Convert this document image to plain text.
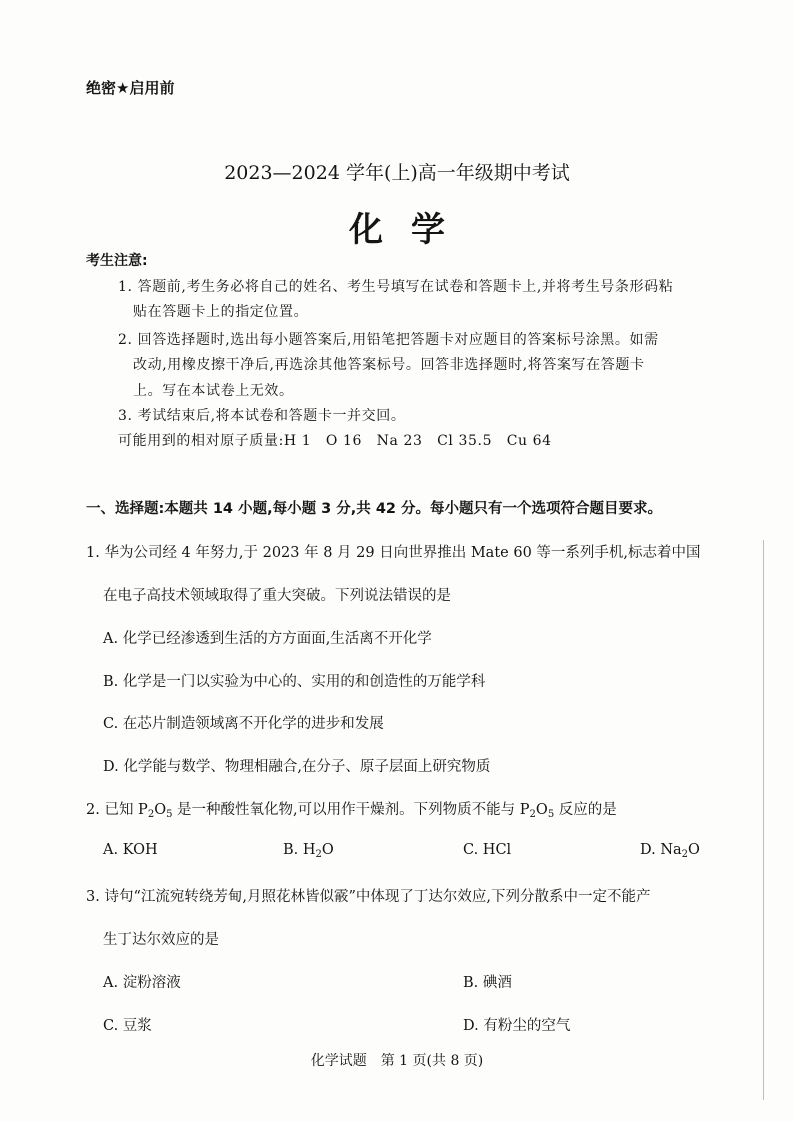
绝密★启用前
2023—2024 学年(上)高一年级期中考试
化学
考生注意:
1. 答题前,考生务必将自己的姓名、考生号填写在试卷和答题卡上,并将考生号条形码粘
贴在答题卡上的指定位置。
2. 回答选择题时,选出每小题答案后,用铅笔把答题卡对应题目的答案标号涂黑。如需
改动,用橡皮擦干净后,再选涂其他答案标号。回答非选择题时,将答案写在答题卡
上。写在本试卷上无效。
3. 考试结束后,将本试卷和答题卡一并交回。
可能用到的相对原子质量:H 1　O 16　Na 23　Cl 35.5　Cu 64
一、选择题:本题共 14 小题,每小题 3 分,共 42 分。每小题只有一个选项符合题目要求。
1. 华为公司经 4 年努力,于 2023 年 8 月 29 日向世界推出 Mate 60 等一系列手机,标志着中国
在电子高技术领域取得了重大突破。下列说法错误的是
A. 化学已经渗透到生活的方方面面,生活离不开化学
B. 化学是一门以实验为中心的、实用的和创造性的万能学科
C. 在芯片制造领域离不开化学的进步和发展
D. 化学能与数学、物理相融合,在分子、原子层面上研究物质
2. 已知 $P_2O_5$ 是一种酸性氧化物,可以用作干燥剂。下列物质不能与 $P_2O_5$ 反应的是
A. KOH	B. $H_2O$	C. HCl	D. $Na_2O$
3. 诗句“江流宛转绕芳甸,月照花林皆似霰”中体现了丁达尔效应,下列分散系中一定不能产
生丁达尔效应的是
A. 淀粉溶液	B. 碘酒
C. 豆浆	D. 有粉尘的空气
化学试题　第 1 页(共 8 页)
